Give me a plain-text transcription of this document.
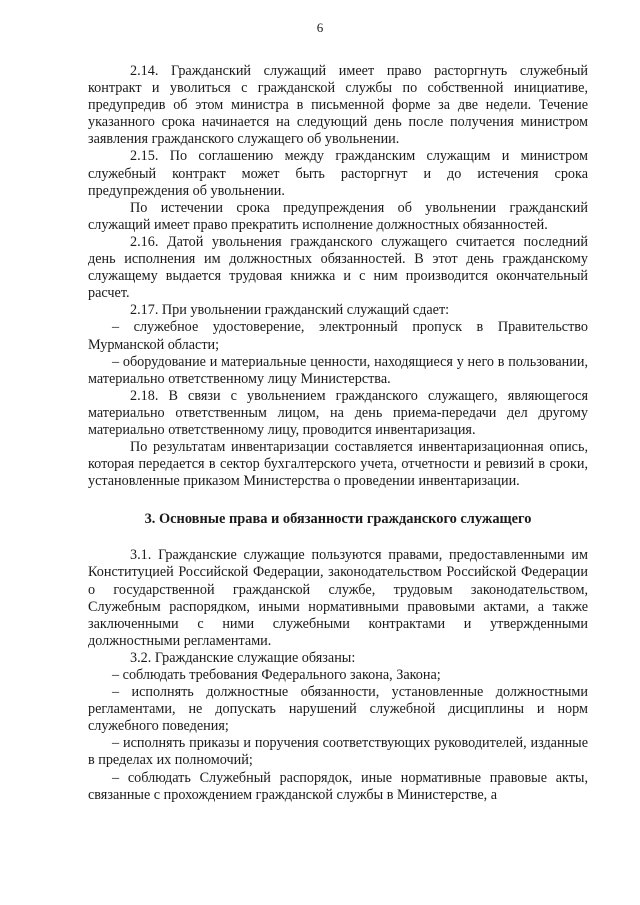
6

2.14. Гражданский служащий имеет право расторгнуть служебный контракт и уволиться с гражданской службы по собственной инициативе, предупредив об этом министра в письменной форме за две недели. Течение указанного срока начинается на следующий день после получения министром заявления гражданского служащего об увольнении.

2.15. По соглашению между гражданским служащим и министром служебный контракт может быть расторгнут и до истечения срока предупреждения об увольнении.

По истечении срока предупреждения об увольнении гражданский служащий имеет право прекратить исполнение должностных обязанностей.

2.16. Датой увольнения гражданского служащего считается последний день исполнения им должностных обязанностей. В этот день гражданскому служащему выдается трудовая книжка и с ним производится окончательный расчет.

2.17. При увольнении гражданский служащий сдает:

– служебное удостоверение, электронный пропуск в Правительство Мурманской области;

– оборудование и материальные ценности, находящиеся у него в пользовании, материально ответственному лицу Министерства.

2.18. В связи с увольнением гражданского служащего, являющегося материально ответственным лицом, на день приема-передачи дел другому материально ответственному лицу, проводится инвентаризация.

По результатам инвентаризации составляется инвентаризационная опись, которая передается в сектор бухгалтерского учета, отчетности и ревизий в сроки, установленные приказом Министерства о проведении инвентаризации.

3. Основные права и обязанности гражданского служащего

3.1. Гражданские служащие пользуются правами, предоставленными им Конституцией Российской Федерации, законодательством Российской Федерации о государственной гражданской службе, трудовым законодательством, Служебным распорядком, иными нормативными правовыми актами, а также заключенными с ними служебными контрактами и утвержденными должностными регламентами.

3.2. Гражданские служащие обязаны:

– соблюдать требования Федерального закона, Закона;

– исполнять должностные обязанности, установленные должностными регламентами, не допускать нарушений служебной дисциплины и норм служебного поведения;

– исполнять приказы и поручения соответствующих руководителей, изданные в пределах их полномочий;

– соблюдать Служебный распорядок, иные нормативные правовые акты, связанные с прохождением гражданской службы в Министерстве, а
